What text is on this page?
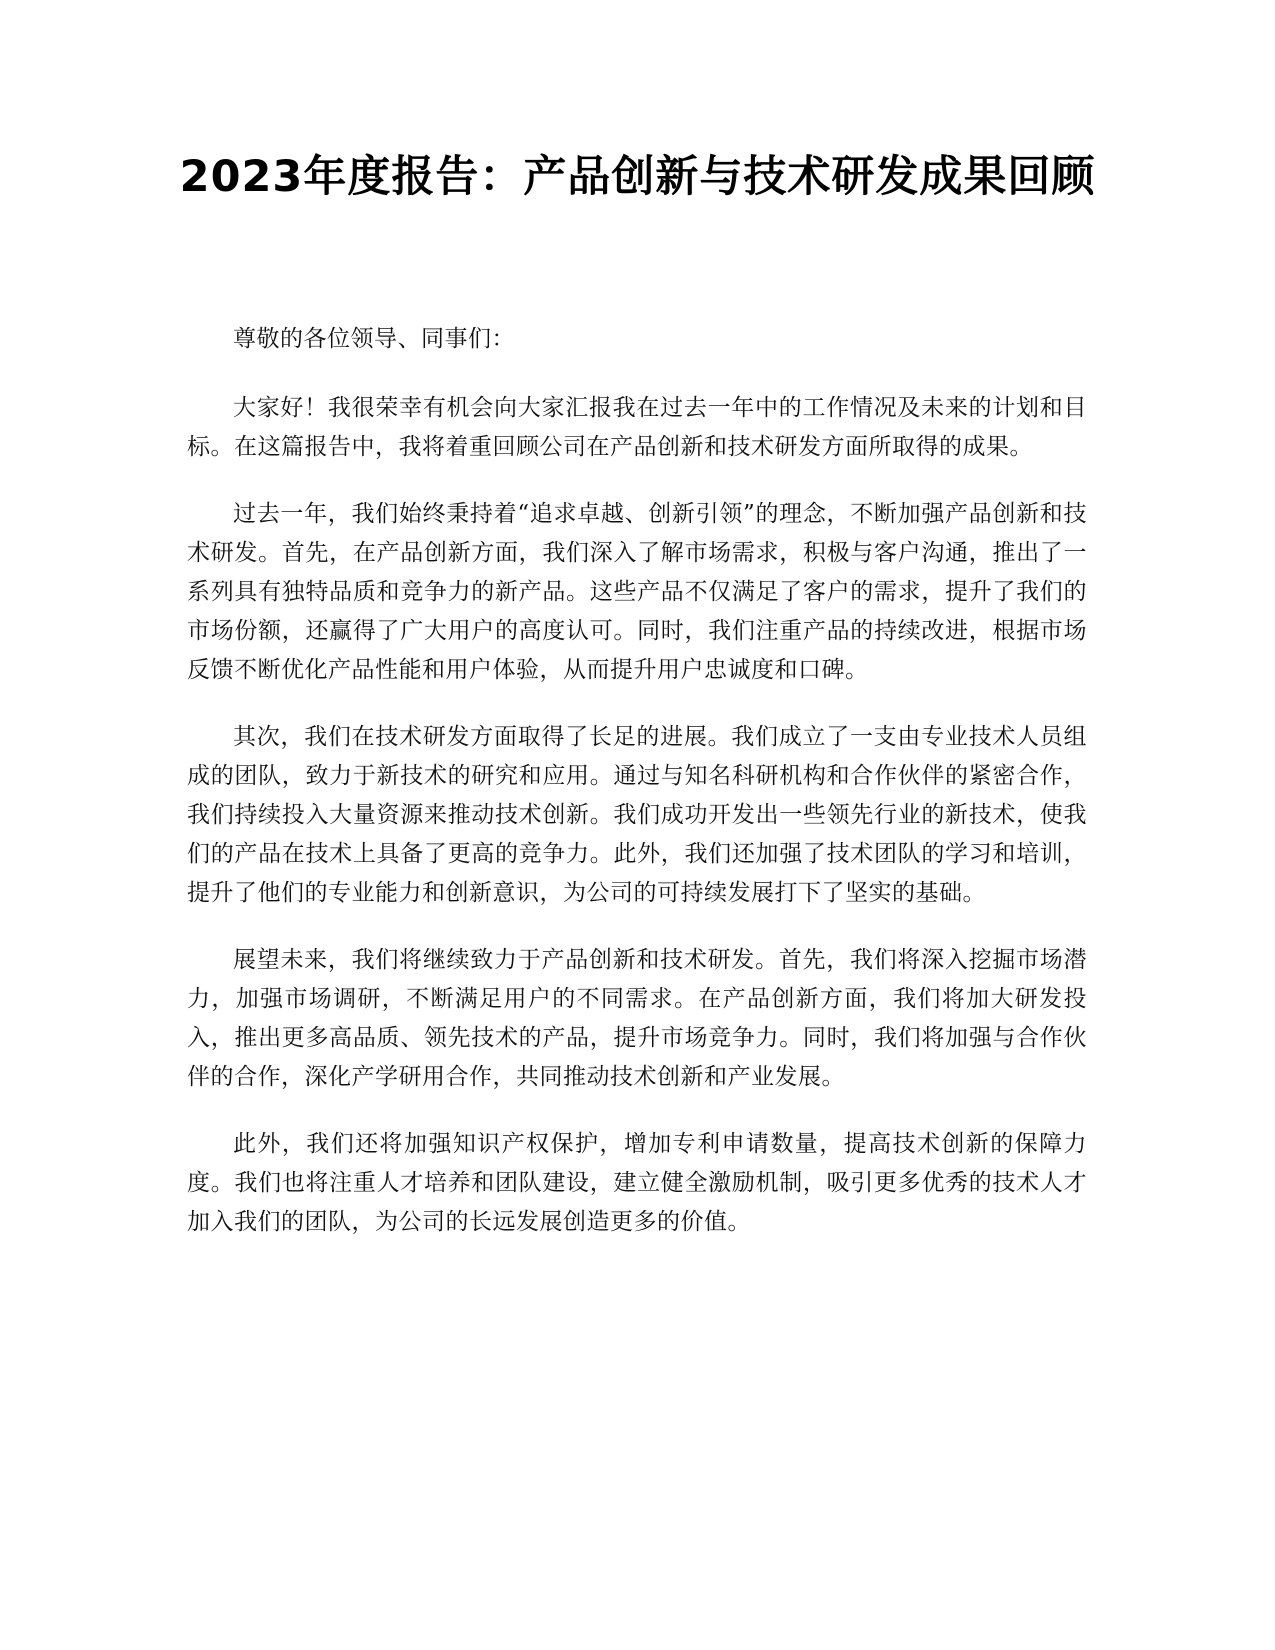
2023年度报告：产品创新与技术研发成果回顾

尊敬的各位领导、同事们：

大家好！我很荣幸有机会向大家汇报我在过去一年中的工作情况及未来的计划和目标。在这篇报告中，我将着重回顾公司在产品创新和技术研发方面所取得的成果。

过去一年，我们始终秉持着“追求卓越、创新引领”的理念，不断加强产品创新和技术研发。首先，在产品创新方面，我们深入了解市场需求，积极与客户沟通，推出了一系列具有独特品质和竞争力的新产品。这些产品不仅满足了客户的需求，提升了我们的市场份额，还赢得了广大用户的高度认可。同时，我们注重产品的持续改进，根据市场反馈不断优化产品性能和用户体验，从而提升用户忠诚度和口碑。

其次，我们在技术研发方面取得了长足的进展。我们成立了一支由专业技术人员组成的团队，致力于新技术的研究和应用。通过与知名科研机构和合作伙伴的紧密合作，我们持续投入大量资源来推动技术创新。我们成功开发出一些领先行业的新技术，使我们的产品在技术上具备了更高的竞争力。此外，我们还加强了技术团队的学习和培训，提升了他们的专业能力和创新意识，为公司的可持续发展打下了坚实的基础。

展望未来，我们将继续致力于产品创新和技术研发。首先，我们将深入挖掘市场潜力，加强市场调研，不断满足用户的不同需求。在产品创新方面，我们将加大研发投入，推出更多高品质、领先技术的产品，提升市场竞争力。同时，我们将加强与合作伙伴的合作，深化产学研用合作，共同推动技术创新和产业发展。

此外，我们还将加强知识产权保护，增加专利申请数量，提高技术创新的保障力度。我们也将注重人才培养和团队建设，建立健全激励机制，吸引更多优秀的技术人才加入我们的团队，为公司的长远发展创造更多的价值。
